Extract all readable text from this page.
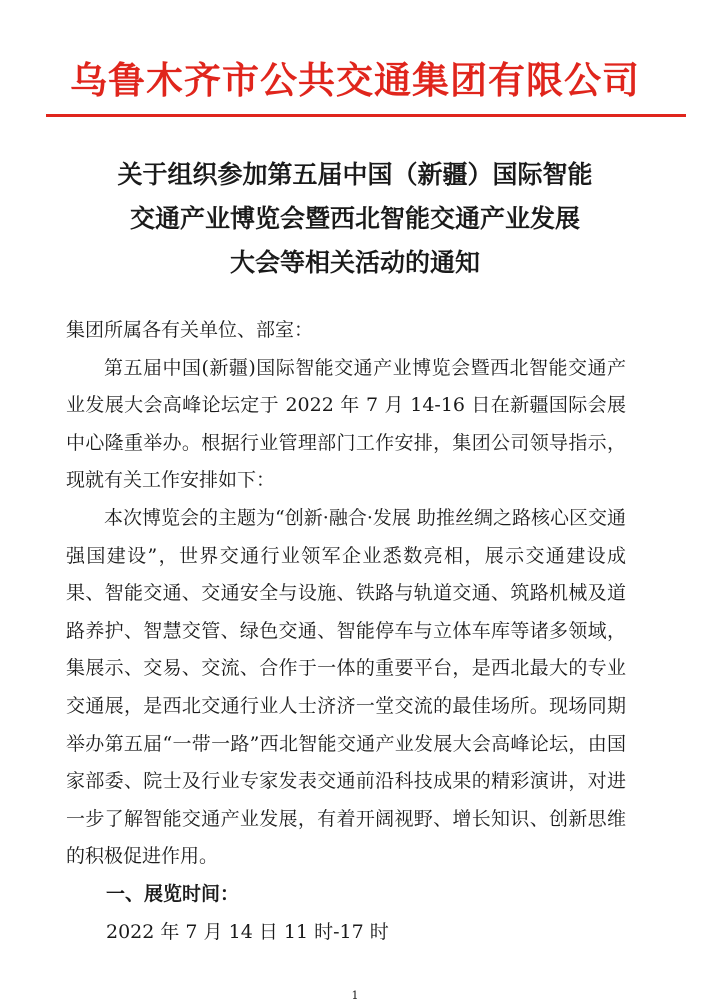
乌鲁木齐市公共交通集团有限公司
关于组织参加第五届中国（新疆）国际智能
交通产业博览会暨西北智能交通产业发展
大会等相关活动的通知

集团所属各有关单位、部室：

第五届中国(新疆)国际智能交通产业博览会暨西北智能交通产业发展大会高峰论坛定于 2022 年 7 月 14-16 日在新疆国际会展中心隆重举办。根据行业管理部门工作安排，集团公司领导指示，现就有关工作安排如下：

本次博览会的主题为“创新·融合·发展 助推丝绸之路核心区交通强国建设”，世界交通行业领军企业悉数亮相，展示交通建设成果、智能交通、交通安全与设施、铁路与轨道交通、筑路机械及道路养护、智慧交管、绿色交通、智能停车与立体车库等诸多领域，集展示、交易、交流、合作于一体的重要平台，是西北最大的专业交通展，是西北交通行业人士济济一堂交流的最佳场所。现场同期举办第五届“一带一路”西北智能交通产业发展大会高峰论坛，由国家部委、院士及行业专家发表交通前沿科技成果的精彩演讲，对进一步了解智能交通产业发展，有着开阔视野、增长知识、创新思维的积极促进作用。

一、展览时间：

2022 年 7 月 14 日 11 时-17 时

1
